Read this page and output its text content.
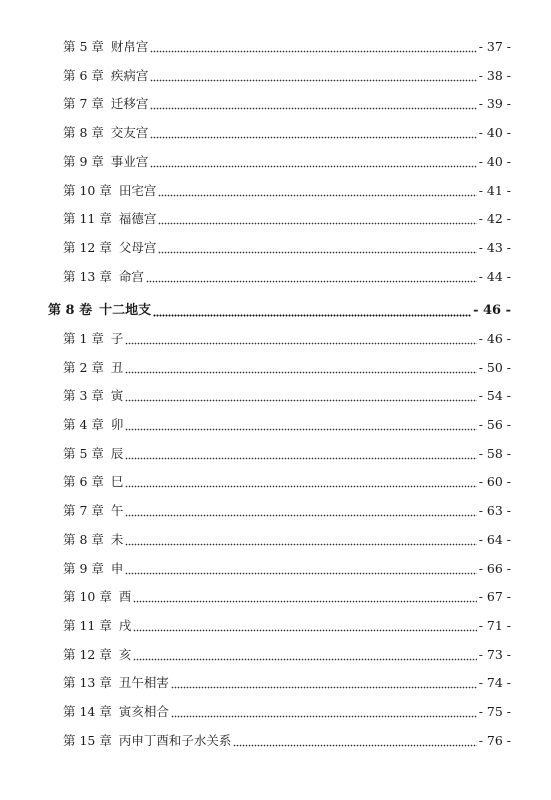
第 5 章 财帛宫	- 37 -
第 6 章 疾病宫	- 38 -
第 7 章 迁移宫	- 39 -
第 8 章 交友宫	- 40 -
第 9 章 事业宫	- 40 -
第 10 章 田宅宫	- 41 -
第 11 章 福德宫	- 42 -
第 12 章 父母宫	- 43 -
第 13 章 命宫	- 44 -
第 8 卷 十二地支	- 46 -
第 1 章 子	- 46 -
第 2 章 丑	- 50 -
第 3 章 寅	- 54 -
第 4 章 卯	- 56 -
第 5 章 辰	- 58 -
第 6 章 巳	- 60 -
第 7 章 午	- 63 -
第 8 章 未	- 64 -
第 9 章 申	- 66 -
第 10 章 酉	- 67 -
第 11 章 戌	- 71 -
第 12 章 亥	- 73 -
第 13 章 丑午相害	- 74 -
第 14 章 寅亥相合	- 75 -
第 15 章 丙申丁酉和子水关系	- 76 -
